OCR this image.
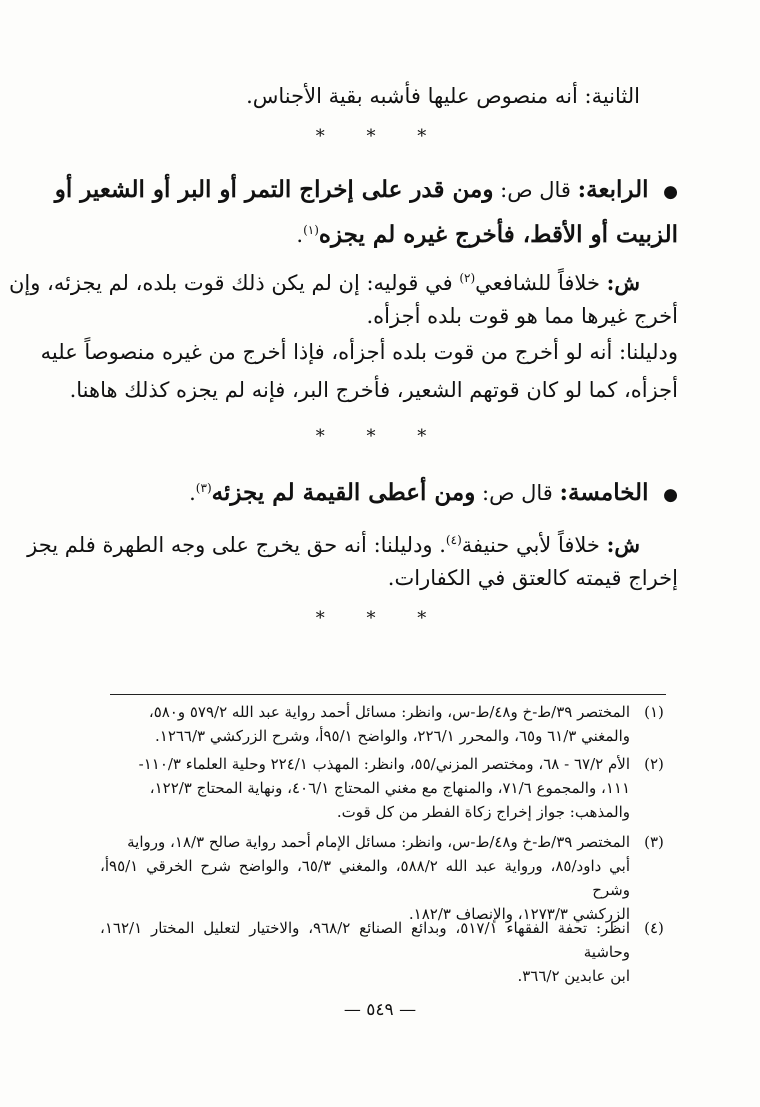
الثانية: أنه منصوص عليها فأشبه بقية الأجناس.
* * *
● الرابعة: قال ص: ومن قدر على إخراج التمر أو البر أو الشعير أو
الزبيت أو الأقط، فأخرج غيره لم يجزه$^{(١)}$.
ش: خلافاً للشافعي$^{(٢)}$ في قوليه: إن لم يكن ذلك قوت بلده، لم يجزئه، وإن
أخرج غيرها مما هو قوت بلده أجزأه.
ودليلنا: أنه لو أخرج من قوت بلده أجزأه، فإذا أخرج من غيره منصوصاً عليه
أجزأه، كما لو كان قوتهم الشعير، فأخرج البر، فإنه لم يجزه كذلك هاهنا.
* * *
● الخامسة: قال ص: ومن أعطى القيمة لم يجزئه$^{(٣)}$.
ش: خلافاً لأبي حنيفة$^{(٤)}$. ودليلنا: أنه حق يخرج على وجه الطهرة فلم يجز
إخراج قيمته كالعتق في الكفارات.
* * *
(١)
المختصر ٣٩/ط-خ و٤٨/ط-س، وانظر: مسائل أحمد رواية عبد الله ٥٧٩/٢ و٥٨٠،
والمغني ٦١/٣ و٦٥، والمحرر ٢٢٦/١، والواضح ٩٥/١أ، وشرح الزركشي ١٢٦٦/٣.
(٢)
الأم ٦٧/٢ - ٦٨، ومختصر المزني/٥٥، وانظر: المهذب ٢٢٤/١ وحلية العلماء ١١٠/٣-
١١١، والمجموع ٧١/٦، والمنهاج مع مغني المحتاج ٤٠٦/١، ونهاية المحتاج ١٢٢/٣،
والمذهب: جواز إخراج زكاة الفطر من كل قوت.
(٣)
المختصر ٣٩/ط-خ و٤٨/ط-س، وانظر: مسائل الإمام أحمد رواية صالح ١٨/٣، ورواية
أبي داود/٨٥، ورواية عبد الله ٥٨٨/٢، والمغني ٦٥/٣، والواضح شرح الخرقي ٩٥/١أ، وشرح
الزركشي ١٢٧٣/٣، والإنصاف ١٨٢/٣.
(٤)
انظر: تحفة الفقهاء ٥١٧/١، وبدائع الصنائع ٩٦٨/٢، والاختيار لتعليل المختار ١٦٢/١، وحاشية
ابن عابدين ٣٦٦/٢.
— ٥٤٩ —
